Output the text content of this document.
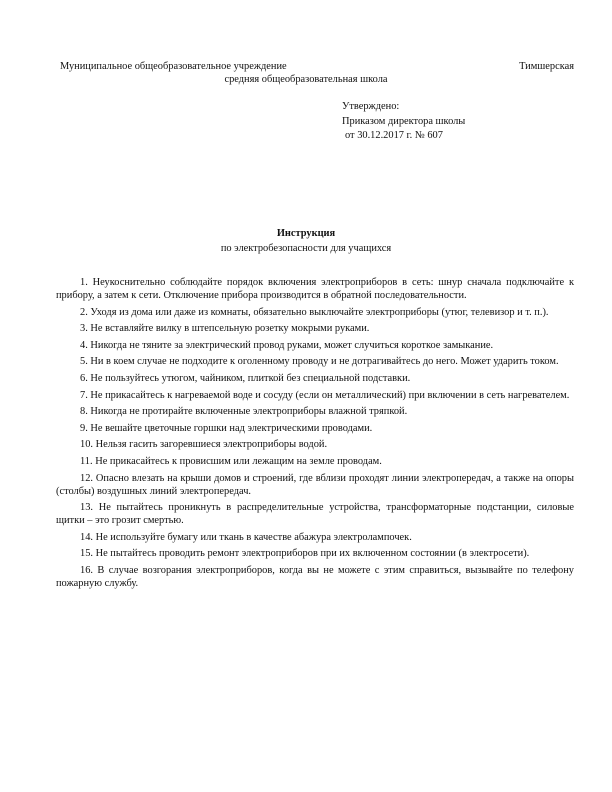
Муниципальное общеобразовательное учреждение	Тимшерская
средняя общеобразовательная школа
Утверждено:
Приказом директора школы
от 30.12.2017 г. № 607
Инструкция
по электробезопасности для учащихся

1. Неукоснительно соблюдайте порядок включения электроприборов в сеть: шнур сначала подключайте к прибору, а затем к сети. Отключение прибора производится в обратной последовательности.

2. Уходя из дома или даже из комнаты, обязательно выключайте электроприборы (утюг, телевизор и т. п.).

3. Не вставляйте вилку в штепсельную розетку мокрыми руками.

4. Никогда не тяните за электрический провод руками, может случиться короткое замыкание.

5. Ни в коем случае не подходите к оголенному проводу и не дотрагивайтесь до него. Может ударить током.

6. Не пользуйтесь утюгом, чайником, плиткой без специальной подставки.

7. Не прикасайтесь к нагреваемой воде и сосуду (если он металлический) при включении в сеть нагревателем.

8. Никогда не протирайте включенные электроприборы влажной тряпкой.

9. Не вешайте цветочные горшки над электрическими проводами.

10. Нельзя гасить загоревшиеся электроприборы водой.

11. Не прикасайтесь к провисшим или лежащим на земле проводам.

12. Опасно влезать на крыши домов и строений, где вблизи проходят линии электропередач, а также на опоры (столбы) воздушных линий электропередач.

13. Не пытайтесь проникнуть в распределительные устройства, трансформаторные подстанции, силовые щитки – это грозит смертью.

14. Не используйте бумагу или ткань в качестве абажура электролампочек.

15. Не пытайтесь проводить ремонт электроприборов при их включенном состоянии (в электросети).

16. В случае возгорания электроприборов, когда вы не можете с этим справиться, вызывайте по телефону пожарную службу.
